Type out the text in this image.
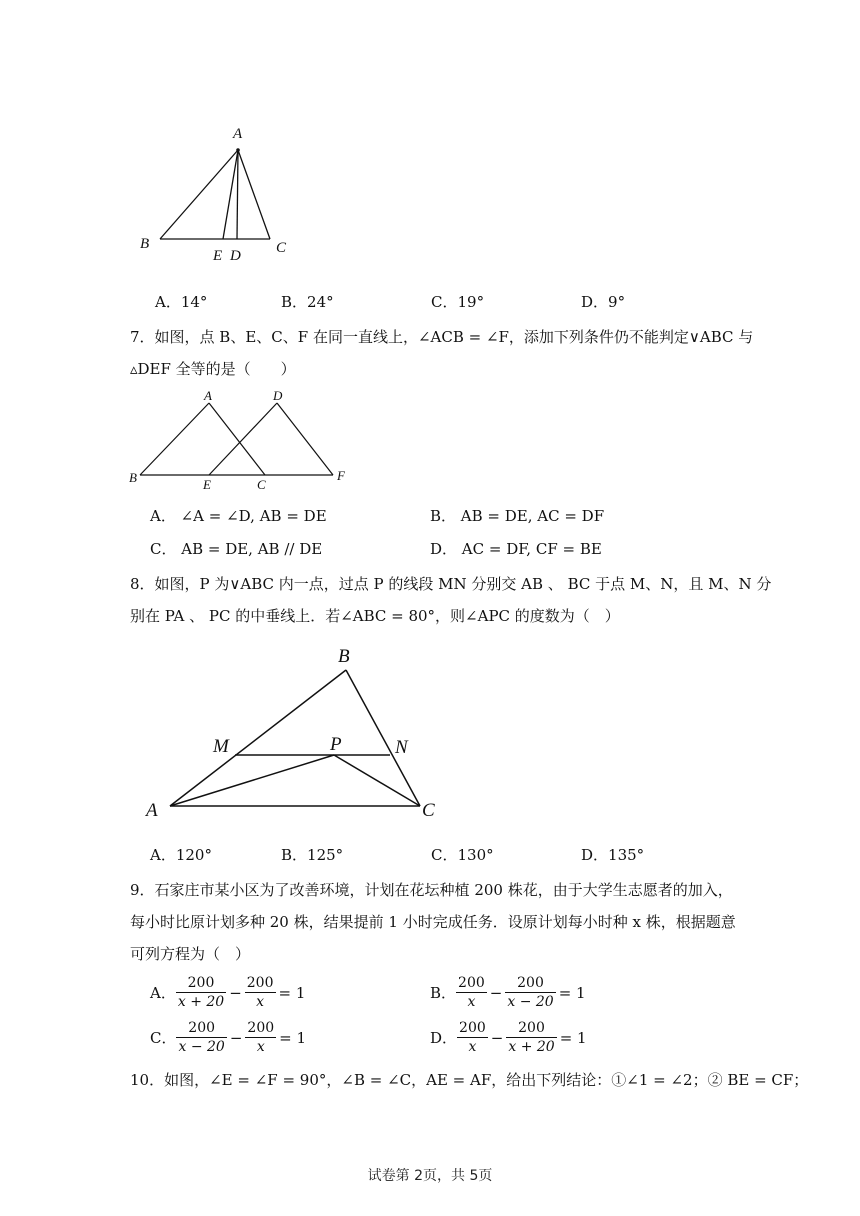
A
B	C
E D
A．14°	B．24°	C．19°	D．9°
7．如图，点 B、E、C、F 在同一直线上，∠ACB = ∠F，添加下列条件仍不能判定∨ABC 与
▵DEF 全等的是（　　）
A	D
B	E	C
F
A． ∠A = ∠D, AB = DE	B． AB = DE, AC = DF
C． AB = DE, AB // DE	D． AC = DF, CF = BE
8．如图，P 为∨ABC 内一点，过点 P 的线段 MN 分别交 AB 、 BC 于点 M、N，且 M、N 分
别在 PA 、 PC 的中垂线上．若∠ABC = 80°，则∠APC 的度数为（　）
B
M	P	N
A	C
A．120°	B．125°	C．130°	D．135°
9．石家庄市某小区为了改善环境，计划在花坛种植 200 株花，由于大学生志愿者的加入，
每小时比原计划多种 20 株，结果提前 1 小时完成任务．设原计划每小时种 x 株，根据题意
可列方程为（　）
A． $\frac{200}{x + 20} - \frac{200}{x} = 1$	B． $\frac{200}{x} - \frac{200}{x - 20} = 1$
C． $\frac{200}{x - 20} - \frac{200}{x} = 1$	D． $\frac{200}{x} - \frac{200}{x + 20} = 1$
10．如图，∠E = ∠F = 90°，∠B = ∠C，AE = AF，给出下列结论：①∠1 = ∠2；② BE = CF；
试卷第 2页，共 5页
